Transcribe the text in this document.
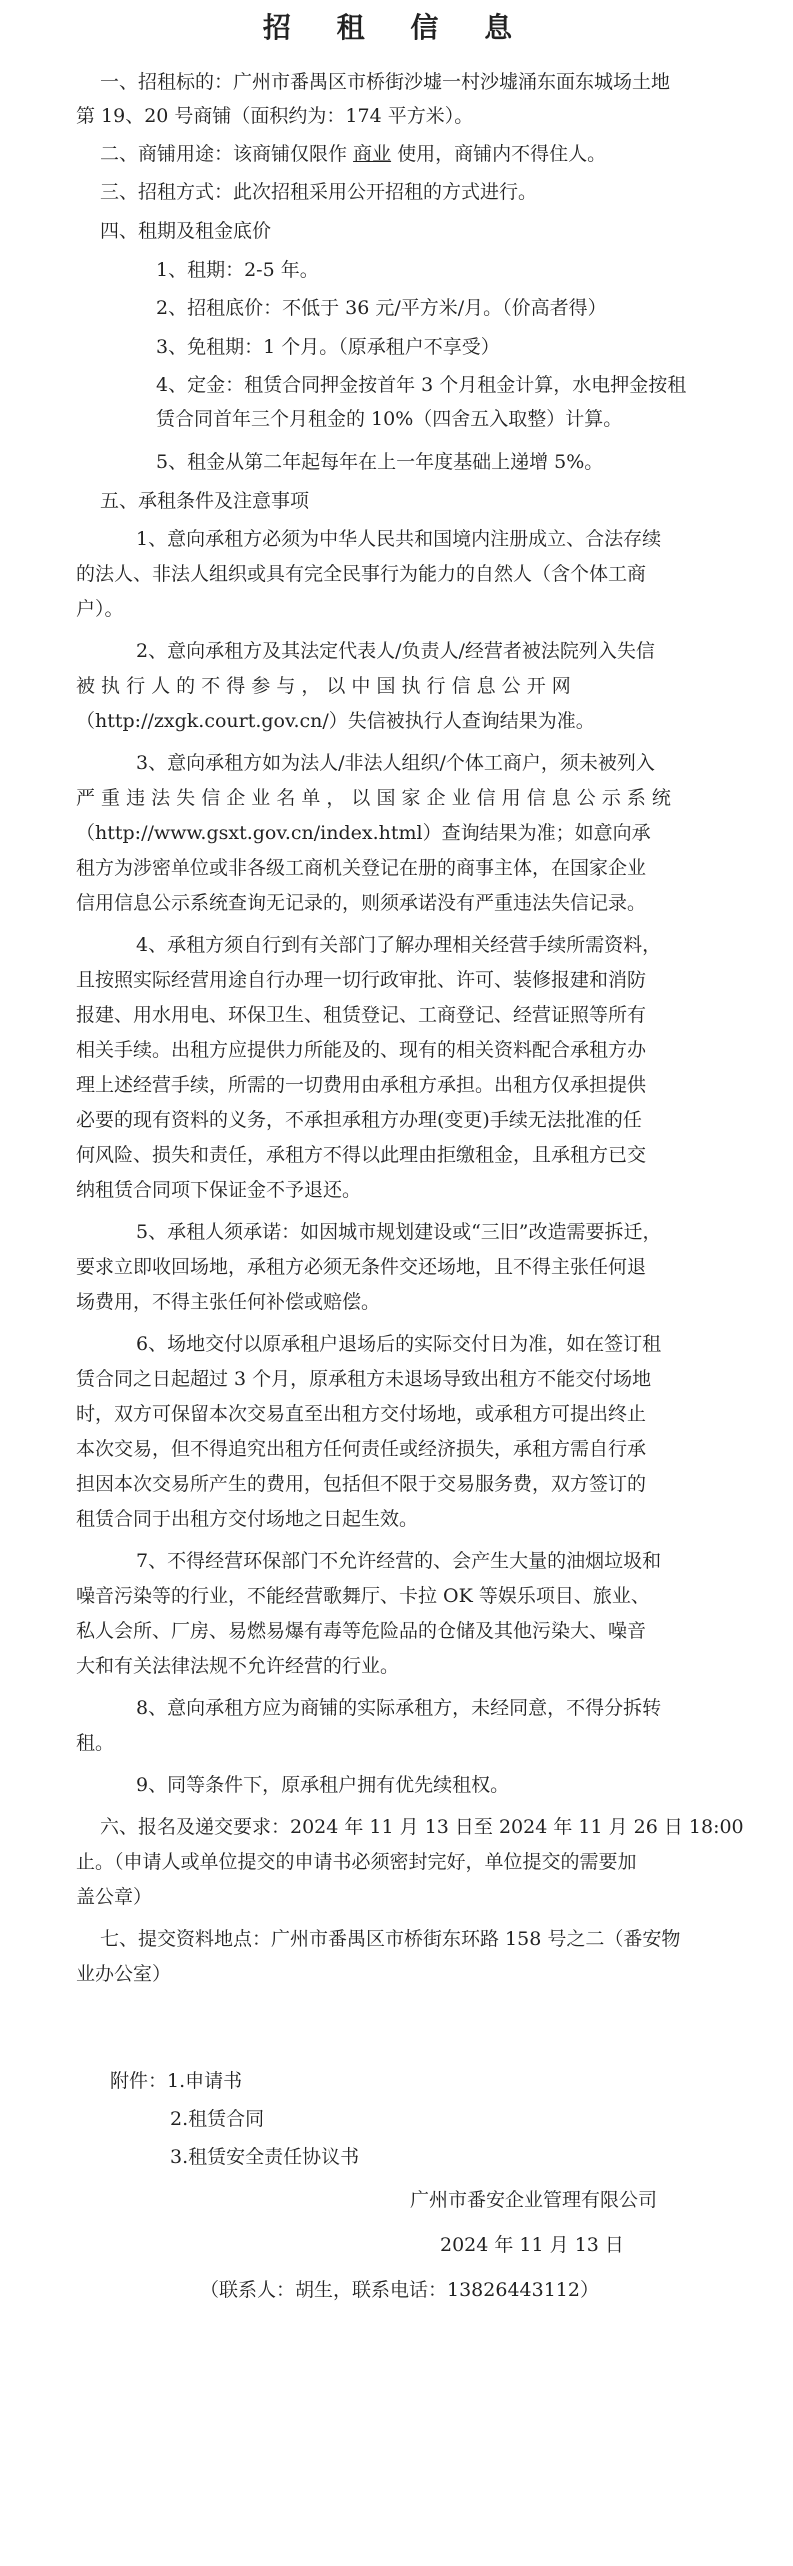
招 租 信 息

一、招租标的：广州市番禺区市桥街沙墟一村沙墟涌东面东城场土地

第 19、20 号商铺（面积约为：174 平方米）。

二、商铺用途：该商铺仅限作 商业 使用，商铺内不得住人。

三、招租方式：此次招租采用公开招租的方式进行。

四、租期及租金底价

1、租期：2-5 年。

2、招租底价：不低于 36 元/平方米/月。（价高者得）

3、免租期：1 个月。（原承租户不享受）

4、定金：租赁合同押金按首年 3 个月租金计算，水电押金按租

赁合同首年三个月租金的 10%（四舍五入取整）计算。

5、租金从第二年起每年在上一年度基础上递增 5%。

五、承租条件及注意事项

1、意向承租方必须为中华人民共和国境内注册成立、合法存续

的法人、非法人组织或具有完全民事行为能力的自然人（含个体工商

户）。

2、意向承租方及其法定代表人/负责人/经营者被法院列入失信

被 执 行 人 的 不 得 参 与 ， 以 中 国 执 行 信 息 公 开 网

（http://zxgk.court.gov.cn/）失信被执行人查询结果为准。

3、意向承租方如为法人/非法人组织/个体工商户，须未被列入

严 重 违 法 失 信 企 业 名 单 ， 以 国 家 企 业 信 用 信 息 公 示 系 统

（http://www.gsxt.gov.cn/index.html）查询结果为准；如意向承

租方为涉密单位或非各级工商机关登记在册的商事主体，在国家企业

信用信息公示系统查询无记录的，则须承诺没有严重违法失信记录。

4、承租方须自行到有关部门了解办理相关经营手续所需资料，

且按照实际经营用途自行办理一切行政审批、许可、装修报建和消防

报建、用水用电、环保卫生、租赁登记、工商登记、经营证照等所有

相关手续。出租方应提供力所能及的、现有的相关资料配合承租方办

理上述经营手续，所需的一切费用由承租方承担。出租方仅承担提供

必要的现有资料的义务，不承担承租方办理(变更)手续无法批准的任

何风险、损失和责任，承租方不得以此理由拒缴租金，且承租方已交

纳租赁合同项下保证金不予退还。

5、承租人须承诺：如因城市规划建设或“三旧”改造需要拆迁，

要求立即收回场地，承租方必须无条件交还场地，且不得主张任何退

场费用，不得主张任何补偿或赔偿。

6、场地交付以原承租户退场后的实际交付日为准，如在签订租

赁合同之日起超过 3 个月，原承租方未退场导致出租方不能交付场地

时，双方可保留本次交易直至出租方交付场地，或承租方可提出终止

本次交易，但不得追究出租方任何责任或经济损失，承租方需自行承

担因本次交易所产生的费用，包括但不限于交易服务费，双方签订的

租赁合同于出租方交付场地之日起生效。

7、不得经营环保部门不允许经营的、会产生大量的油烟垃圾和

噪音污染等的行业，不能经营歌舞厅、卡拉 OK 等娱乐项目、旅业、

私人会所、厂房、易燃易爆有毒等危险品的仓储及其他污染大、噪音

大和有关法律法规不允许经营的行业。

8、意向承租方应为商铺的实际承租方，未经同意，不得分拆转

租。

9、同等条件下，原承租户拥有优先续租权。

六、报名及递交要求：2024 年 11 月 13 日至 2024 年 11 月 26 日 18:00

止。（申请人或单位提交的申请书必须密封完好，单位提交的需要加

盖公章）

七、提交资料地点：广州市番禺区市桥街东环路 158 号之二（番安物

业办公室）

附件：1.申请书

2.租赁合同

3.租赁安全责任协议书

广州市番安企业管理有限公司

2024 年 11 月 13 日

（联系人：胡生，联系电话：13826443112）
